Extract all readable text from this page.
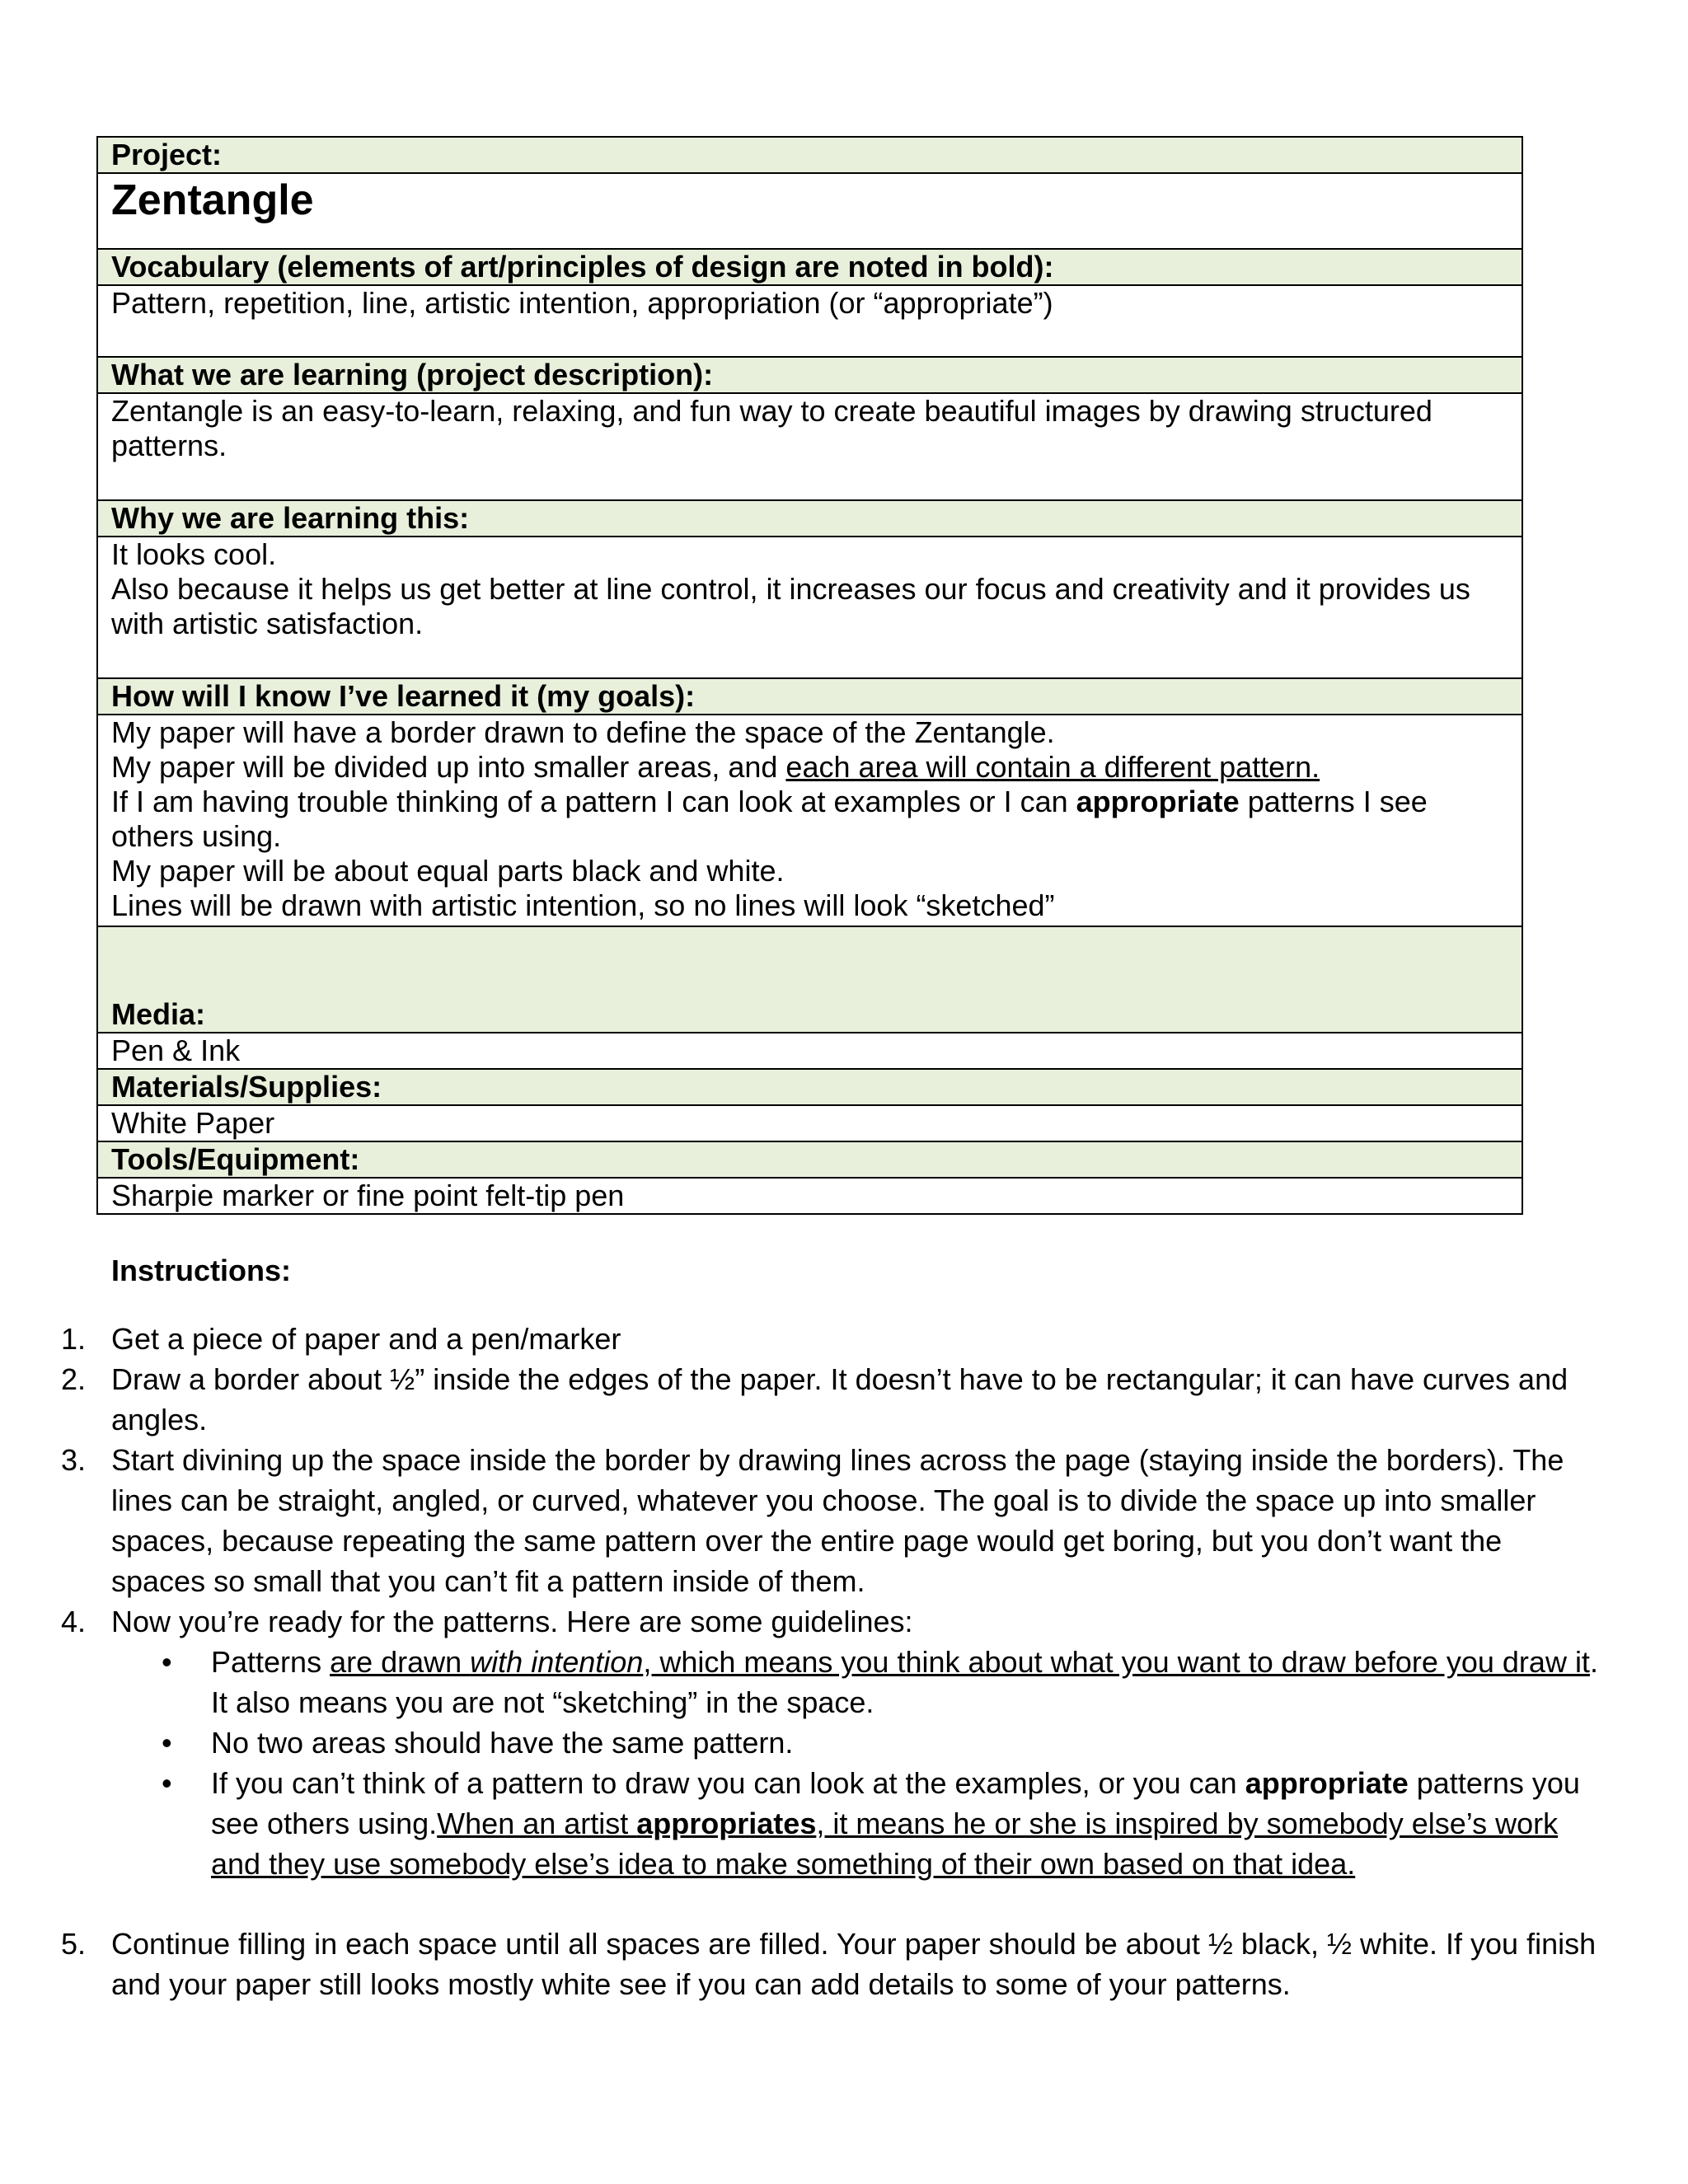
Project:
Zentangle
Vocabulary (elements of art/principles of design are noted in bold):
Pattern, repetition, line, artistic intention, appropriation (or “appropriate”)
What we are learning (project description):
Zentangle is an easy-to-learn, relaxing, and fun way to create beautiful images by drawing structured patterns.
Why we are learning this:

It looks cool.
Also because it helps us get better at line control, it increases our focus and creativity and it provides us with artistic satisfaction.

How will I know I’ve learned it (my goals):

My paper will have a border drawn to define the space of the Zentangle.
My paper will be divided up into smaller areas, and each area will contain a different pattern.
If I am having trouble thinking of a pattern I can look at examples or I can appropriate patterns I see others using.
My paper will be about equal parts black and white.
Lines will be drawn with artistic intention, so no lines will look “sketched”

Media:
Pen & Ink
Materials/Supplies:
White Paper
Tools/Equipment:
Sharpie marker or fine point felt-tip pen
Instructions:
1. Get a piece of paper and a pen/marker
2. Draw a border about ½” inside the edges of the paper. It doesn’t have to be rectangular; it can have curves and angles.
3. Start divining up the space inside the border by drawing lines across the page (staying inside the borders). The lines can be straight, angled, or curved, whatever you choose. The goal is to divide the space up into smaller spaces, because repeating the same pattern over the entire page would get boring, but you don’t want the spaces so small that you can’t fit a pattern inside of them.
4. Now you’re ready for the patterns. Here are some guidelines:
• Patterns are drawn with intention, which means you think about what you want to draw before you draw it. It also means you are not “sketching” in the space.
• No two areas should have the same pattern.
• If you can’t think of a pattern to draw you can look at the examples, or you can appropriate patterns you see others using.When an artist appropriates, it means he or she is inspired by somebody else’s work and they use somebody else’s idea to make something of their own based on that idea.
5. Continue filling in each space until all spaces are filled. Your paper should be about ½ black, ½ white. If you finish and your paper still looks mostly white see if you can add details to some of your patterns.
